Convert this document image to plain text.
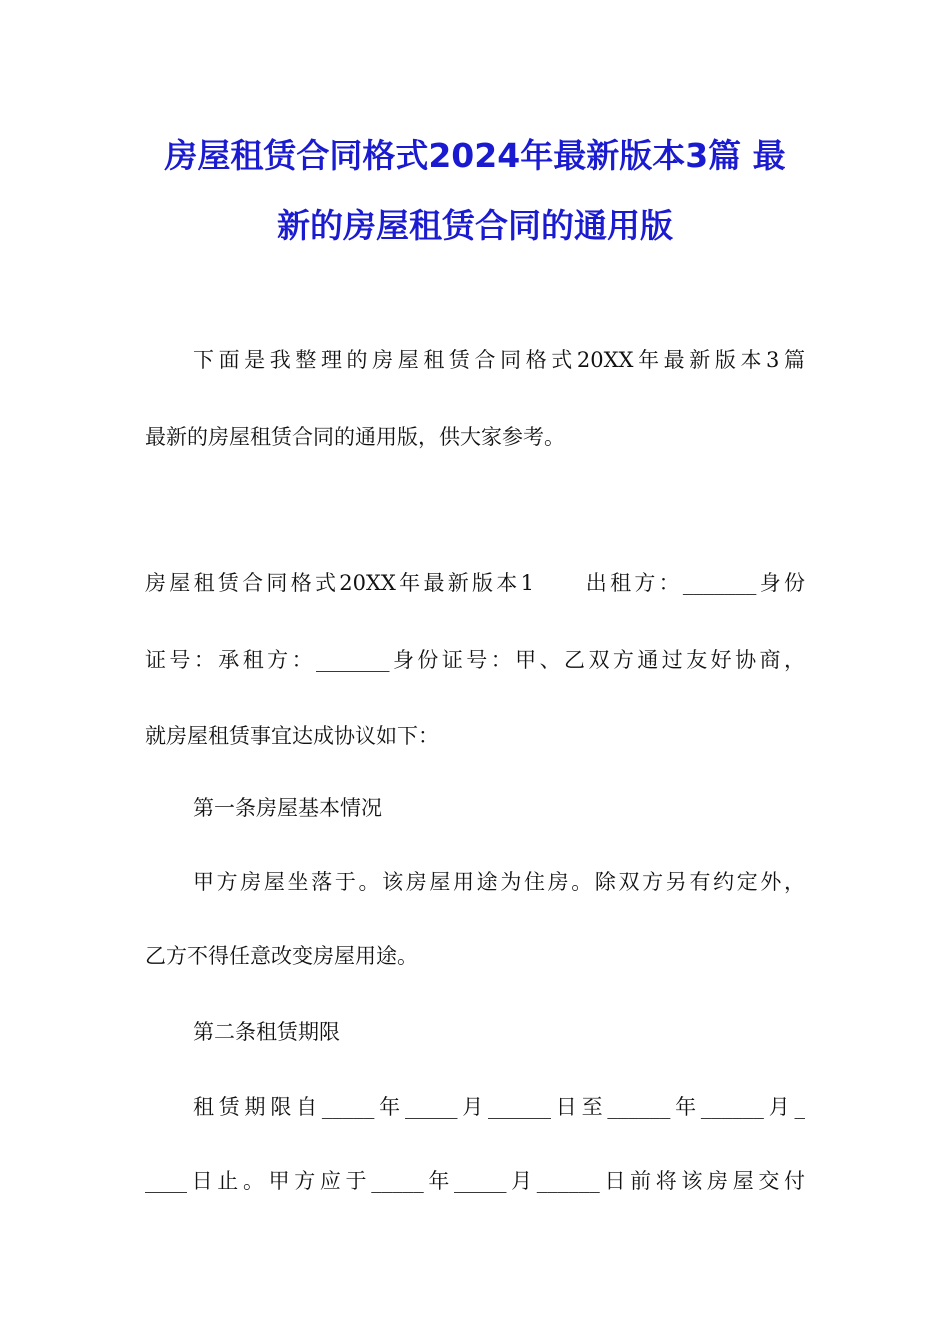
房屋租赁合同格式2024年最新版本3篇 最
新的房屋租赁合同的通用版
下面是我整理的房屋租赁合同格式20XX年最新版本3篇
最新的房屋租赁合同的通用版，供大家参考。
房屋租赁合同格式20XX年最新版本1　　出租方：_______身份
证号：承租方：_______身份证号：甲、乙双方通过友好协商，
就房屋租赁事宜达成协议如下：
第一条房屋基本情况
甲方房屋坐落于。该房屋用途为住房。除双方另有约定外，
乙方不得任意改变房屋用途。
第二条租赁期限
租赁期限自_____年_____月______日至______年______月_
____日止。甲方应于_____年_____月______日前将该房屋交付
